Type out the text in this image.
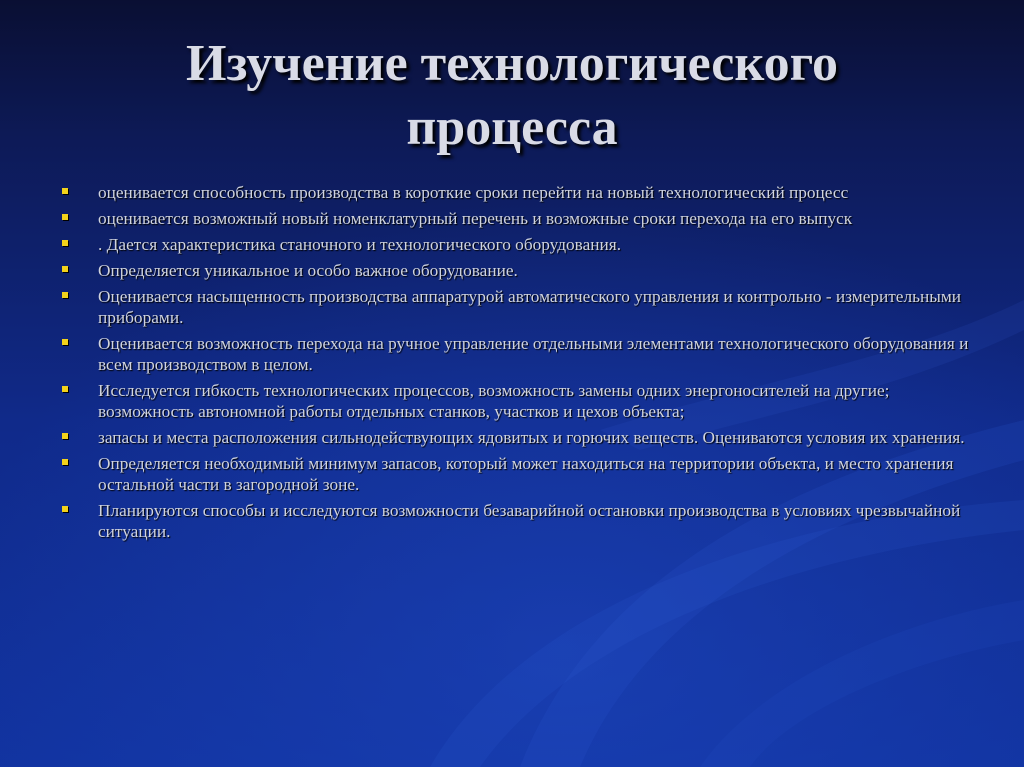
Изучение технологического
процесса
оценивается способность производства в короткие сроки перейти на новый технологический процесс
оценивается возможный новый номенклатурный перечень и возможные сроки перехода на его выпуск
. Дается характеристика станочного и технологического оборудования.
Определяется уникальное и особо важное оборудование.
Оценивается насыщенность производства аппаратурой автоматического управления и контрольно - измерительными приборами.
Оценивается возможность перехода на ручное управление отдельными элементами технологического оборудования и всем производством в целом.
Исследуется гибкость технологических процессов, возможность замены одних энергоносителей на другие; возможность автономной работы отдельных станков, участков и цехов объекта;
запасы и места расположения сильнодействующих ядовитых и горючих веществ. Оцениваются условия их хранения.
Определяется необходимый минимум запасов, который может находиться на территории объекта, и место хранения остальной части в загородной зоне.
Планируются способы и исследуются возможности безаварийной остановки производства в условиях чрезвычайной ситуации.
